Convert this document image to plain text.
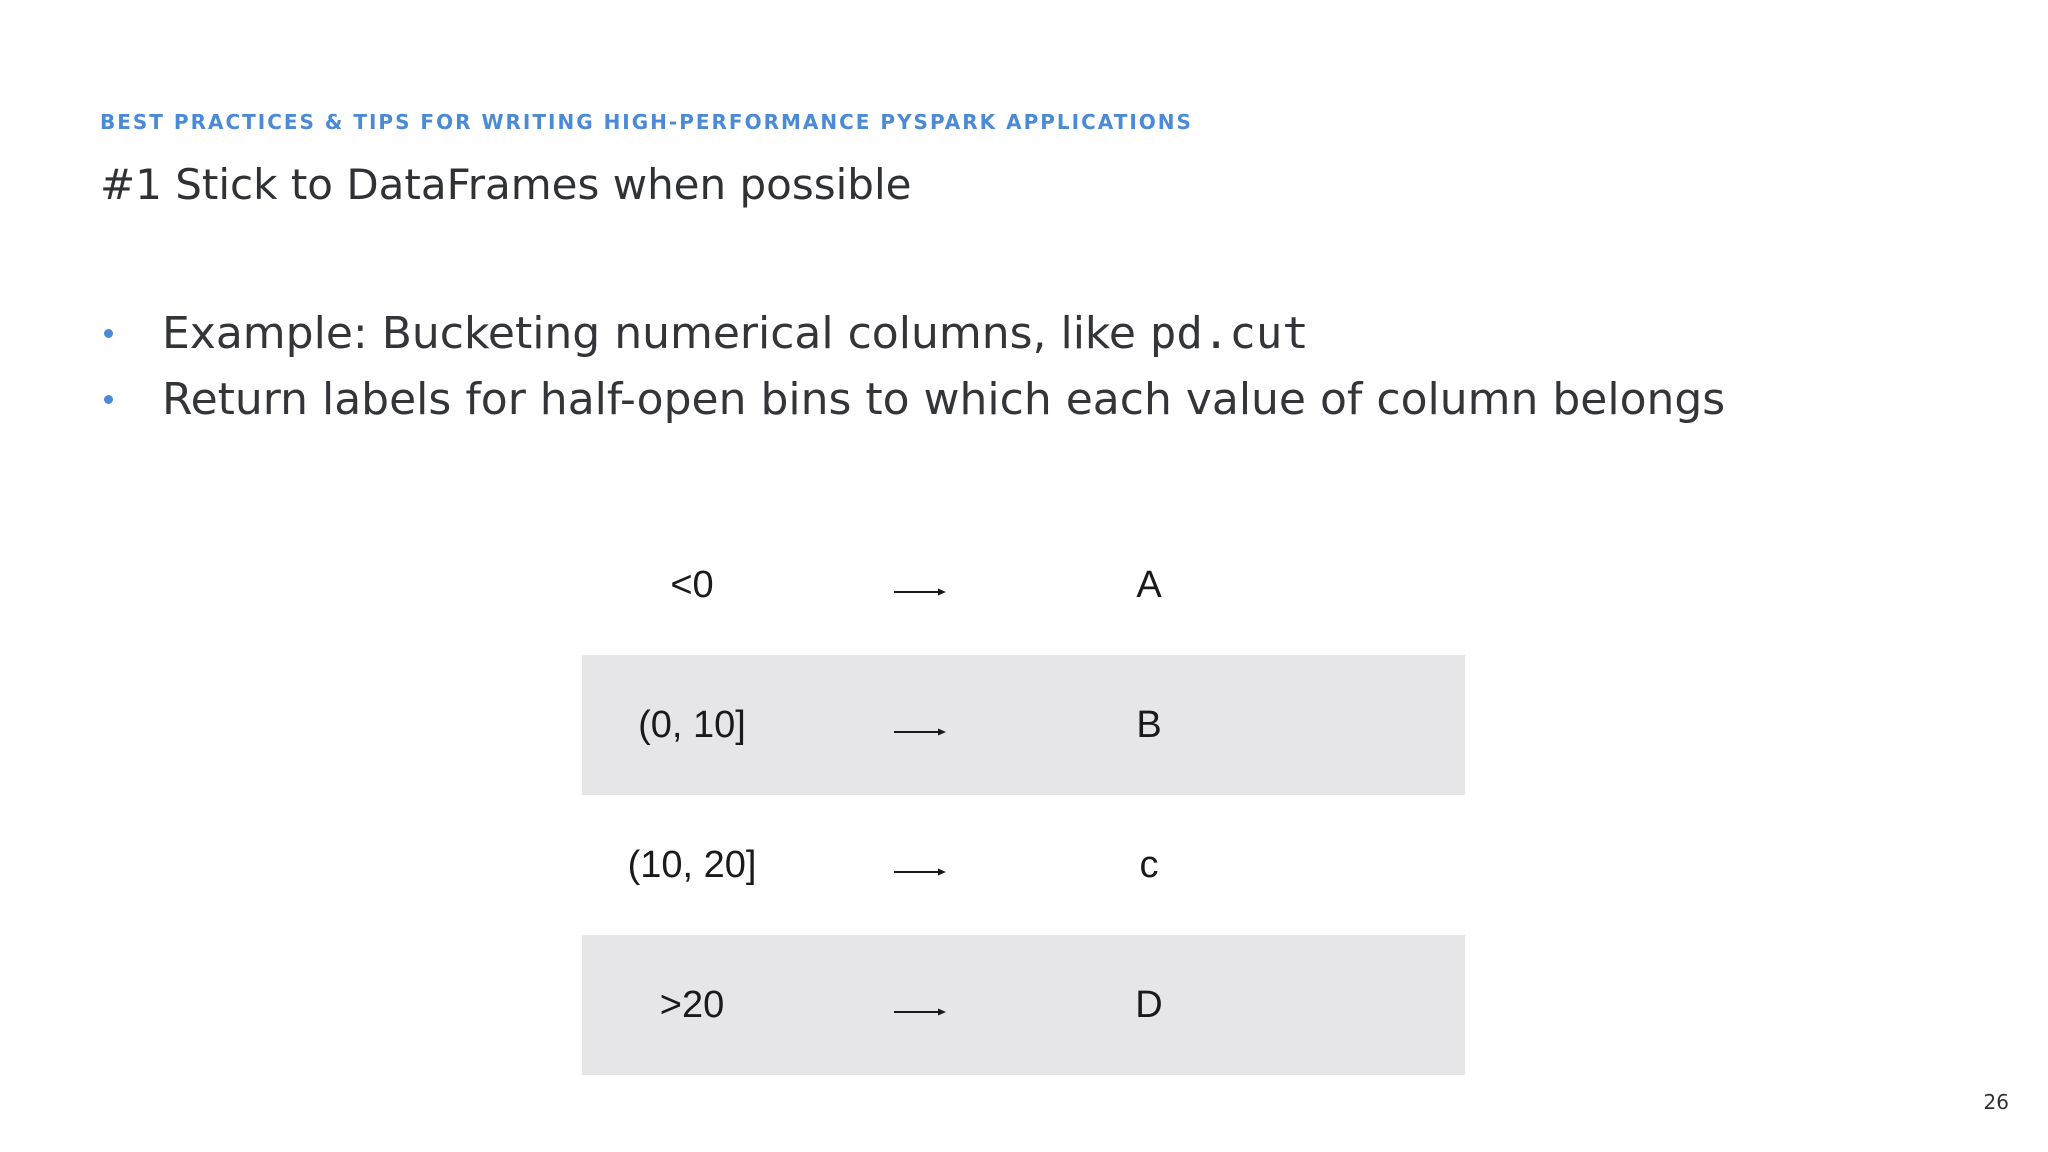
BEST PRACTICES & TIPS FOR WRITING HIGH-PERFORMANCE PYSPARK APPLICATIONS
#1 Stick to DataFrames when possible
Example: Bucketing numerical columns, like pd.cut
Return labels for half-open bins to which each value of column belongs
<0	A
(0, 10]	B
(10, 20]	c
>20	D
26
